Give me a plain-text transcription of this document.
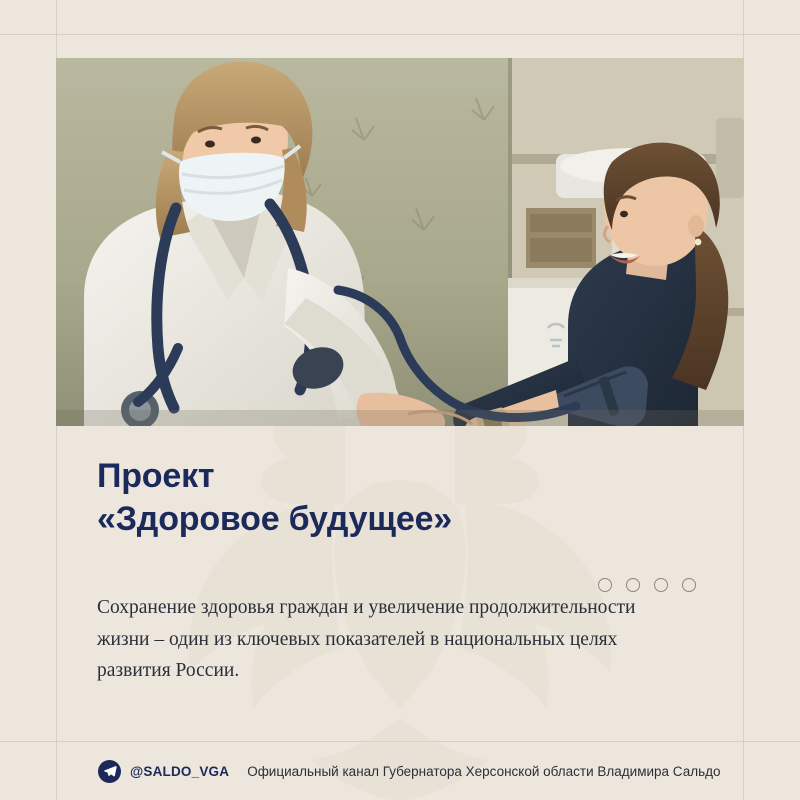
Проект
«Здоровое будущее»

Сохранение здоровья граждан и увеличение продолжительности жизни – один из ключевых показателей в национальных целях развития России.

@SALDO_VGA Официальный канал Губернатора Херсонской области Владимира Сальдо
